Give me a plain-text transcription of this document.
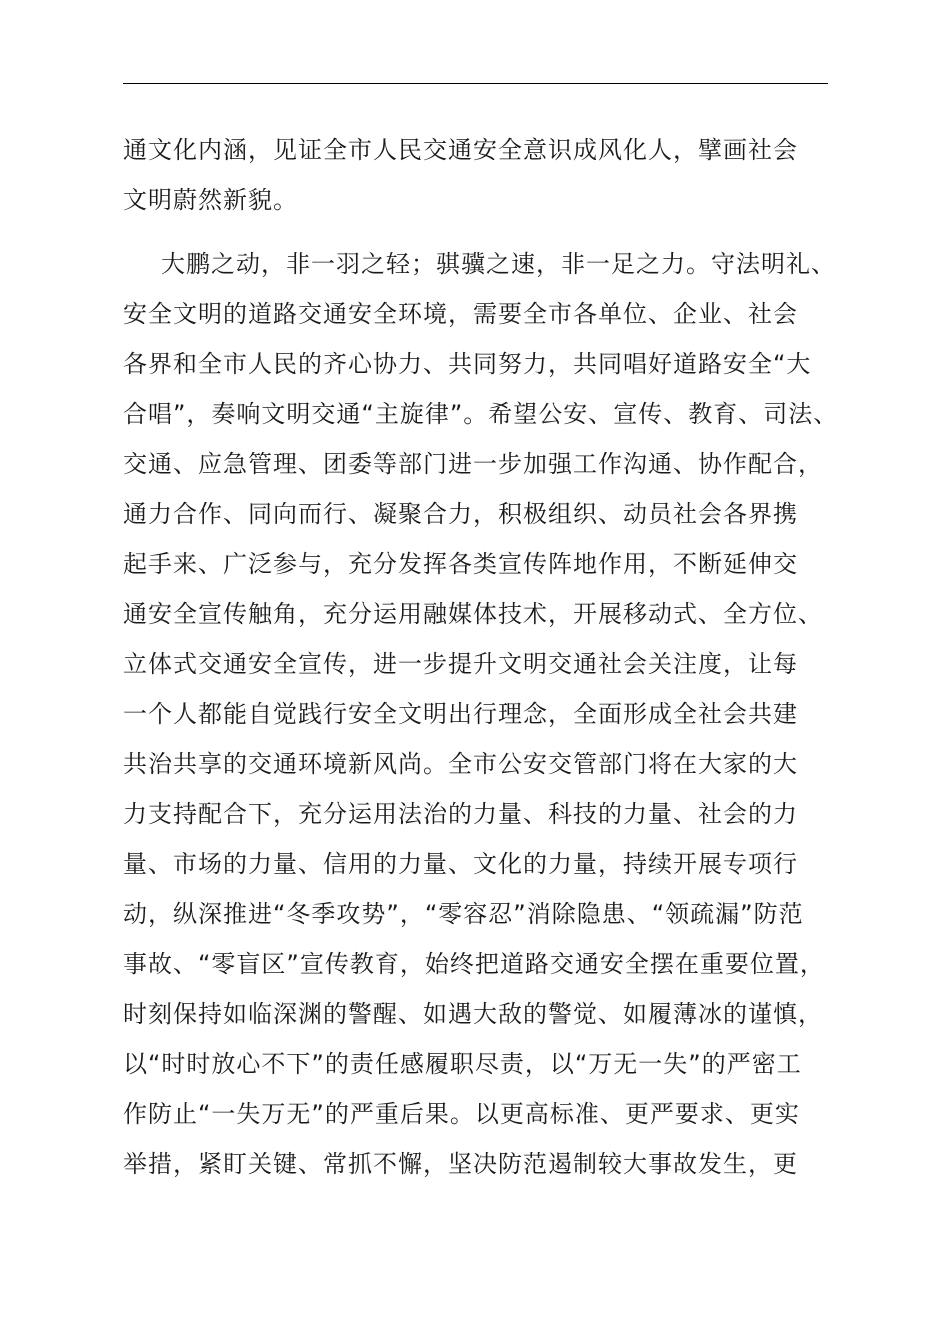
通文化内涵，见证全市人民交通安全意识成风化人，擘画社会
文明蔚然新貌。
大鹏之动，非一羽之轻；骐骥之速，非一足之力。守法明礼、
安全文明的道路交通安全环境，需要全市各单位、企业、社会
各界和全市人民的齐心协力、共同努力，共同唱好道路安全“大
合唱”，奏响文明交通“主旋律”。希望公安、宣传、教育、司法、
交通、应急管理、团委等部门进一步加强工作沟通、协作配合，
通力合作、同向而行、凝聚合力，积极组织、动员社会各界携
起手来、广泛参与，充分发挥各类宣传阵地作用，不断延伸交
通安全宣传触角，充分运用融媒体技术，开展移动式、全方位、
立体式交通安全宣传，进一步提升文明交通社会关注度，让每
一个人都能自觉践行安全文明出行理念，全面形成全社会共建
共治共享的交通环境新风尚。全市公安交管部门将在大家的大
力支持配合下，充分运用法治的力量、科技的力量、社会的力
量、市场的力量、信用的力量、文化的力量，持续开展专项行
动，纵深推进“冬季攻势”，“零容忍”消除隐患、“领疏漏”防范
事故、“零盲区”宣传教育，始终把道路交通安全摆在重要位置，
时刻保持如临深渊的警醒、如遇大敌的警觉、如履薄冰的谨慎，
以“时时放心不下”的责任感履职尽责，以“万无一失”的严密工
作防止“一失万无”的严重后果。以更高标准、更严要求、更实
举措，紧盯关键、常抓不懈，坚决防范遏制较大事故发生，更
